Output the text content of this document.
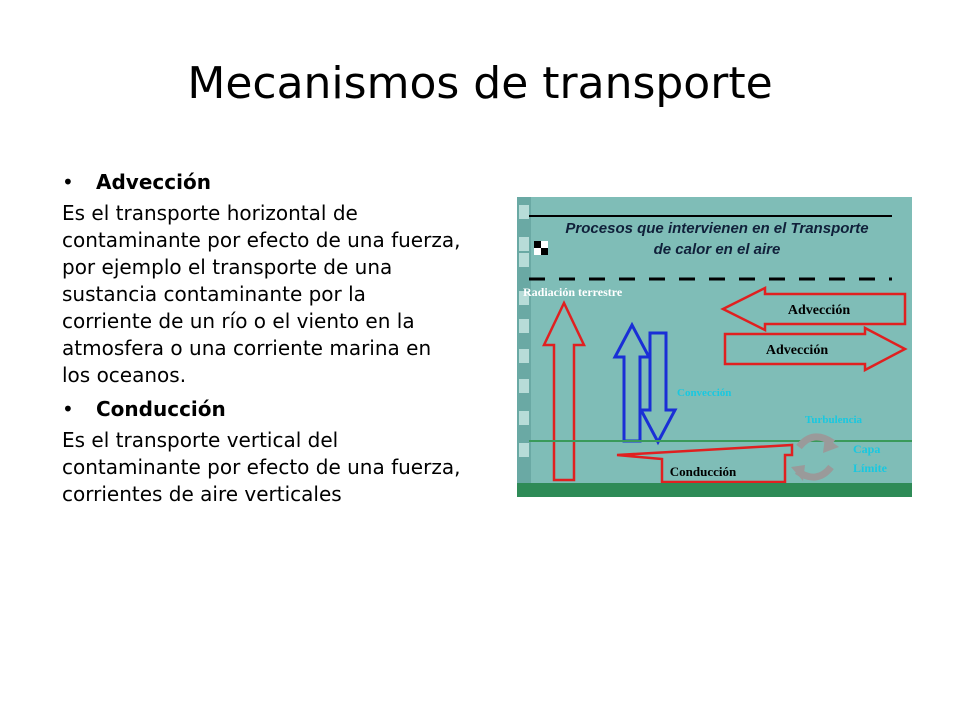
Mecanismos de transporte
•	Advección

Es el transporte horizontal de contaminante por efecto de una fuerza, por ejemplo el transporte de una sustancia contaminante por la corriente de un río o el viento en la atmosfera o una corriente marina en los oceanos.

•	Conducción

Es el transporte vertical del contaminante por efecto de una fuerza, corrientes de aire verticales

Procesos que intervienen en el Transporte
de calor en el aire
Radiación terrestre
Advección
Advección
Convección
Turbulencia
Conducción
Capa
Límite
